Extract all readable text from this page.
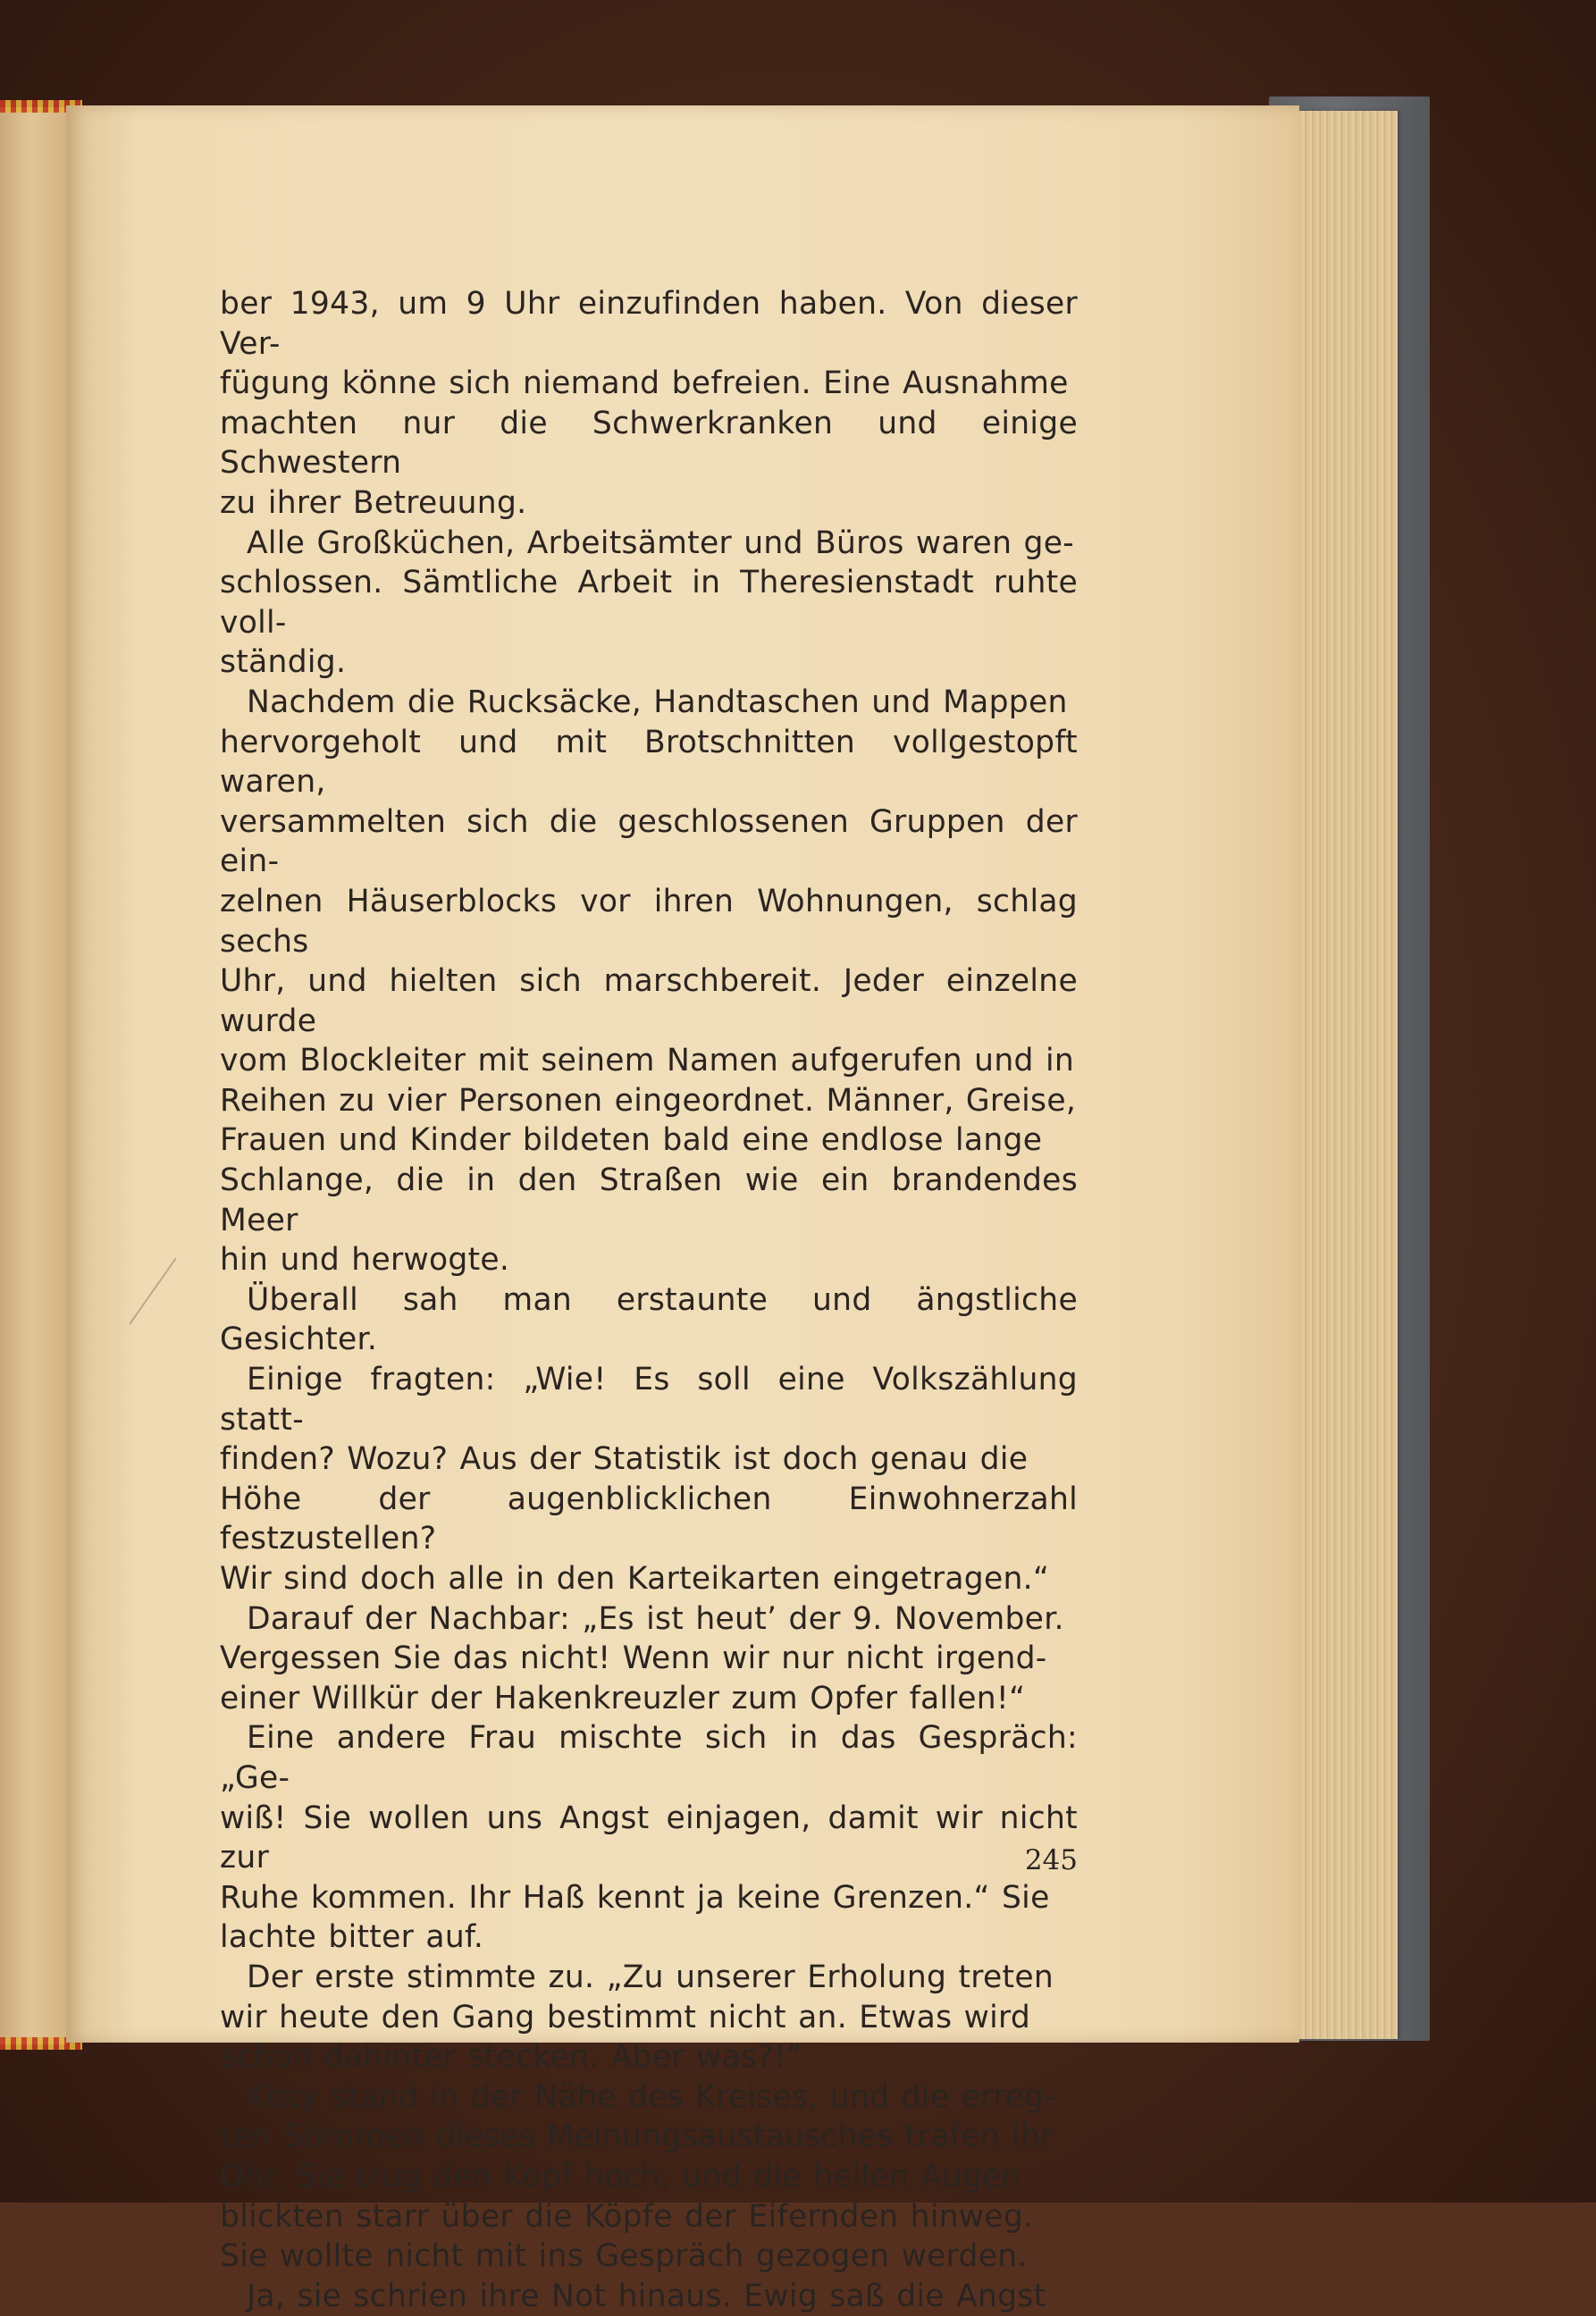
ber 1943, um 9 Uhr einzufinden haben. Von dieser Ver-

fügung könne sich niemand befreien. Eine Ausnahme

machten nur die Schwerkranken und einige Schwestern

zu ihrer Betreuung.

Alle Großküchen, Arbeitsämter und Büros waren ge-

schlossen. Sämtliche Arbeit in Theresienstadt ruhte voll-

ständig.

Nachdem die Rucksäcke, Handtaschen und Mappen

hervorgeholt und mit Brotschnitten vollgestopft waren,

versammelten sich die geschlossenen Gruppen der ein-

zelnen Häuserblocks vor ihren Wohnungen, schlag sechs

Uhr, und hielten sich marschbereit. Jeder einzelne wurde

vom Blockleiter mit seinem Namen aufgerufen und in

Reihen zu vier Personen eingeordnet. Männer, Greise,

Frauen und Kinder bildeten bald eine endlose lange

Schlange, die in den Straßen wie ein brandendes Meer

hin und herwogte.

Überall sah man erstaunte und ängstliche Gesichter.

Einige fragten: „Wie! Es soll eine Volkszählung statt-

finden? Wozu? Aus der Statistik ist doch genau die

Höhe der augenblicklichen Einwohnerzahl festzustellen?

Wir sind doch alle in den Karteikarten eingetragen.“

Darauf der Nachbar: „Es ist heut’ der 9. November.

Vergessen Sie das nicht! Wenn wir nur nicht irgend-

einer Willkür der Hakenkreuzler zum Opfer fallen!“

Eine andere Frau mischte sich in das Gespräch: „Ge-

wiß! Sie wollen uns Angst einjagen, damit wir nicht zur

Ruhe kommen. Ihr Haß kennt ja keine Grenzen.“ Sie

lachte bitter auf.

Der erste stimmte zu. „Zu unserer Erholung treten

wir heute den Gang bestimmt nicht an. Etwas wird

schon dahinter stecken. Aber was?!“

Kitty stand in der Nähe des Kreises, und die erreg-

ten Stimmen dieses Meinungsaustausches trafen ihr

Ohr. Sie trug den Kopf hoch, und die hellen Augen

blickten starr über die Köpfe der Eifernden hinweg.

Sie wollte nicht mit ins Gespräch gezogen werden.

Ja, sie schrien ihre Not hinaus. Ewig saß die Angst

245
